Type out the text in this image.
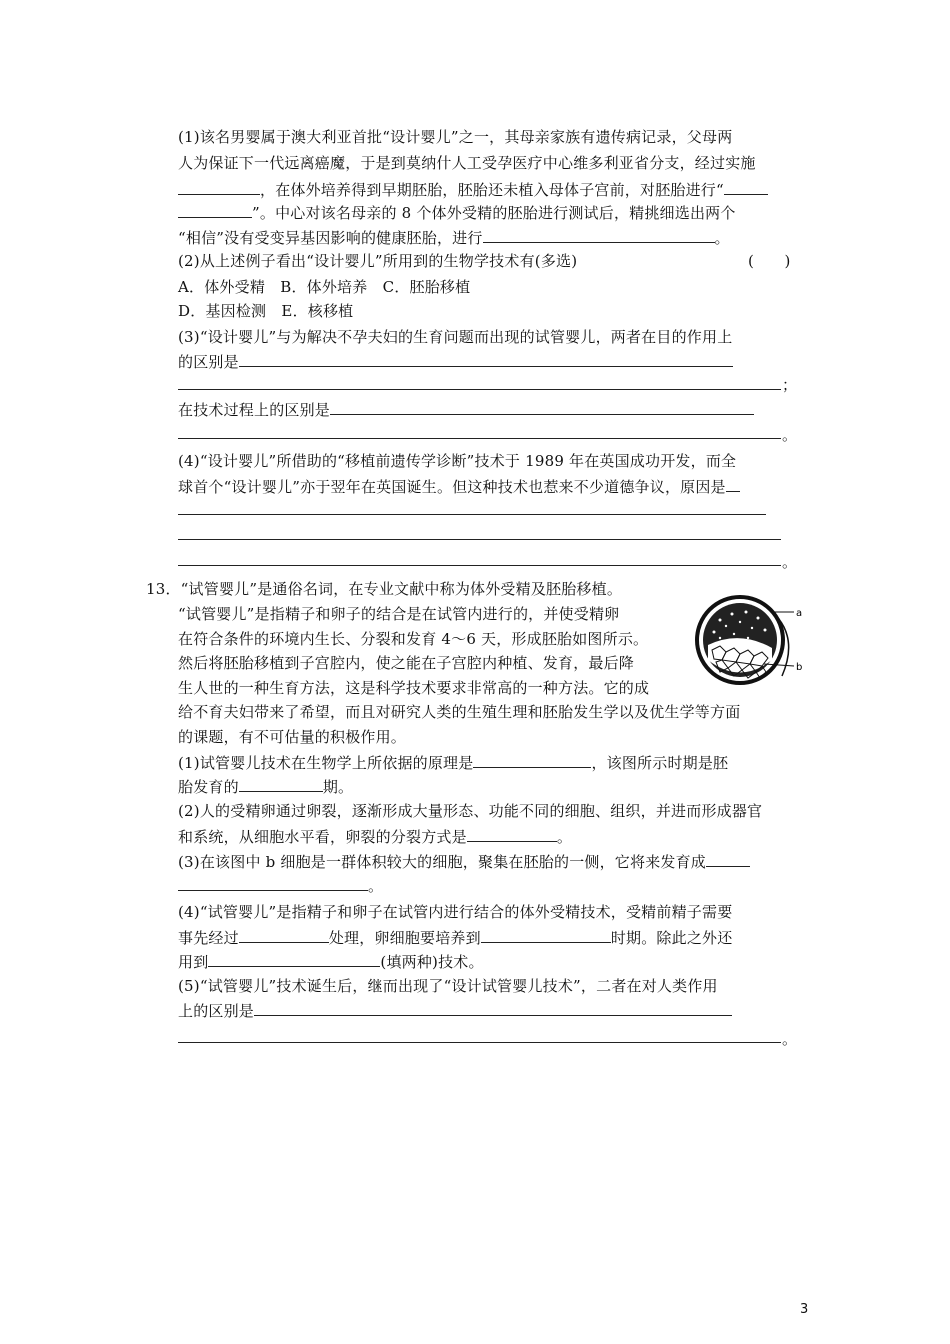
(1)该名男婴属于澳大利亚首批“设计婴儿”之一，其母亲家族有遗传病记录，父母两
人为保证下一代远离癌魔，于是到莫纳什人工受孕医疗中心维多利亚省分支，经过实施
，在体外培养得到早期胚胎，胚胎还未植入母体子宫前，对胚胎进行“
”。中心对该名母亲的 8 个体外受精的胚胎进行测试后，精挑细选出两个
“相信”没有受变异基因影响的健康胚胎，进行	。
(2)从上述例子看出“设计婴儿”所用到的生物学技术有(多选)	(　　)
A．体外受精　B．体外培养　C．胚胎移植
D．基因检测　E．核移植
(3)“设计婴儿”与为解决不孕夫妇的生育问题而出现的试管婴儿，两者在目的作用上
的区别是
；
在技术过程上的区别是
。
(4)“设计婴儿”所借助的“移植前遗传学诊断”技术于 1989 年在英国成功开发，而全
球首个“设计婴儿”亦于翌年在英国诞生。但这种技术也惹来不少道德争议，原因是
。
13．“试管婴儿”是通俗名词，在专业文献中称为体外受精及胚胎移植。
“试管婴儿”是指精子和卵子的结合是在试管内进行的，并使受精卵
在符合条件的环境内生长、分裂和发育 4～6 天，形成胚胎如图所示。
然后将胚胎移植到子宫腔内，使之能在子宫腔内种植、发育，最后降
生人世的一种生育方法，这是科学技术要求非常高的一种方法。它的成
给不育夫妇带来了希望，而且对研究人类的生殖生理和胚胎发生学以及优生学等方面
的课题，有不可估量的积极作用。
a
b
(1)试管婴儿技术在生物学上所依据的原理是	，该图所示时期是胚
胎发育的	期。
(2)人的受精卵通过卵裂，逐渐形成大量形态、功能不同的细胞、组织，并进而形成器官
和系统，从细胞水平看，卵裂的分裂方式是	。
(3)在该图中 b 细胞是一群体积较大的细胞，聚集在胚胎的一侧，它将来发育成
。
(4)“试管婴儿”是指精子和卵子在试管内进行结合的体外受精技术，受精前精子需要
事先经过	处理，卵细胞要培养到	时期。除此之外还
用到	(填两种)技术。
(5)“试管婴儿”技术诞生后，继而出现了“设计试管婴儿技术”，二者在对人类作用
上的区别是
。
3
